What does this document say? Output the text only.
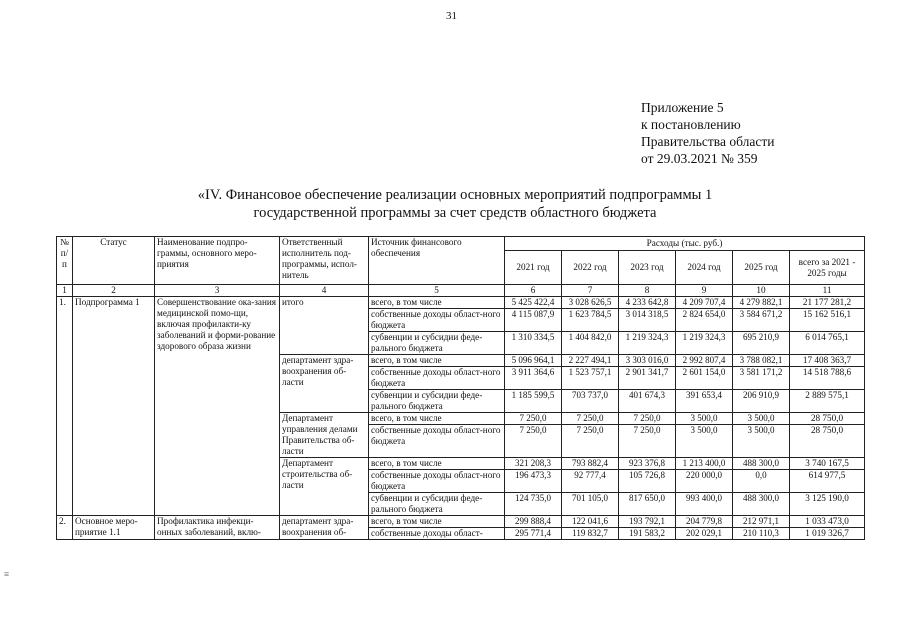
31
Приложение 5
к постановлению
Правительства области
от 29.03.2021 № 359
«IV. Финансовое обеспечение реализации основных мероприятий подпрограммы 1
государственной программы за счет средств областного бюджета
≡
№ п/п	Статус	Наименование подпро-граммы, основного меро-приятия	Ответственный исполнитель под-программы, испол-нитель	Источник финансового обеспечения	Расходы (тыс. руб.)					
					2021 год	2022 год	2023 год	2024 год	2025 год	всего за 2021 - 2025 годы
1	2	3	4	5	6	7	8	9	10	11
1.	Подпрограмма 1	Совершенствование ока-зания медицинской помо-щи, включая профилакти-ку заболеваний и форми-рование здорового образа жизни	итого	всего, в том числе	5 425 422,4	3 028 626,5	4 233 642,8	4 209 707,4	4 279 882,1	21 177 281,2
				собственные доходы област-ного бюджета	4 115 087,9	1 623 784,5	3 014 318,5	2 824 654,0	3 584 671,2	15 162 516,1
				субвенции и субсидии феде-рального бюджета	1 310 334,5	1 404 842,0	1 219 324,3	1 219 324,3	695 210,9	6 014 765,1
			департамент здра-воохранения об-ласти	всего, в том числе	5 096 964,1	2 227 494,1	3 303 016,0	2 992 807,4	3 788 082,1	17 408 363,7
				собственные доходы област-ного бюджета	3 911 364,6	1 523 757,1	2 901 341,7	2 601 154,0	3 581 171,2	14 518 788,6
				субвенции и субсидии феде-рального бюджета	1 185 599,5	703 737,0	401 674,3	391 653,4	206 910,9	2 889 575,1
			Департамент управления делами Правительства об-ласти	всего, в том числе	7 250,0	7 250,0	7 250,0	3 500,0	3 500,0	28 750,0
				собственные доходы област-ного бюджета	7 250,0	7 250,0	7 250,0	3 500,0	3 500,0	28 750,0
			Департамент строительства об-ласти	всего, в том числе	321 208,3	793 882,4	923 376,8	1 213 400,0	488 300,0	3 740 167,5
				собственные доходы област-ного бюджета	196 473,3	92 777,4	105 726,8	220 000,0	0,0	614 977,5
				субвенции и субсидии феде-рального бюджета	124 735,0	701 105,0	817 650,0	993 400,0	488 300,0	3 125 190,0
2.	Основное меро-приятие 1.1	Профилактика инфекци-онных заболеваний, вклю-	департамент здра-воохранения об-	всего, в том числе	299 888,4	122 041,6	193 792,1	204 779,8	212 971,1	1 033 473,0
				собственные доходы област-	295 771,4	119 832,7	191 583,2	202 029,1	210 110,3	1 019 326,7
